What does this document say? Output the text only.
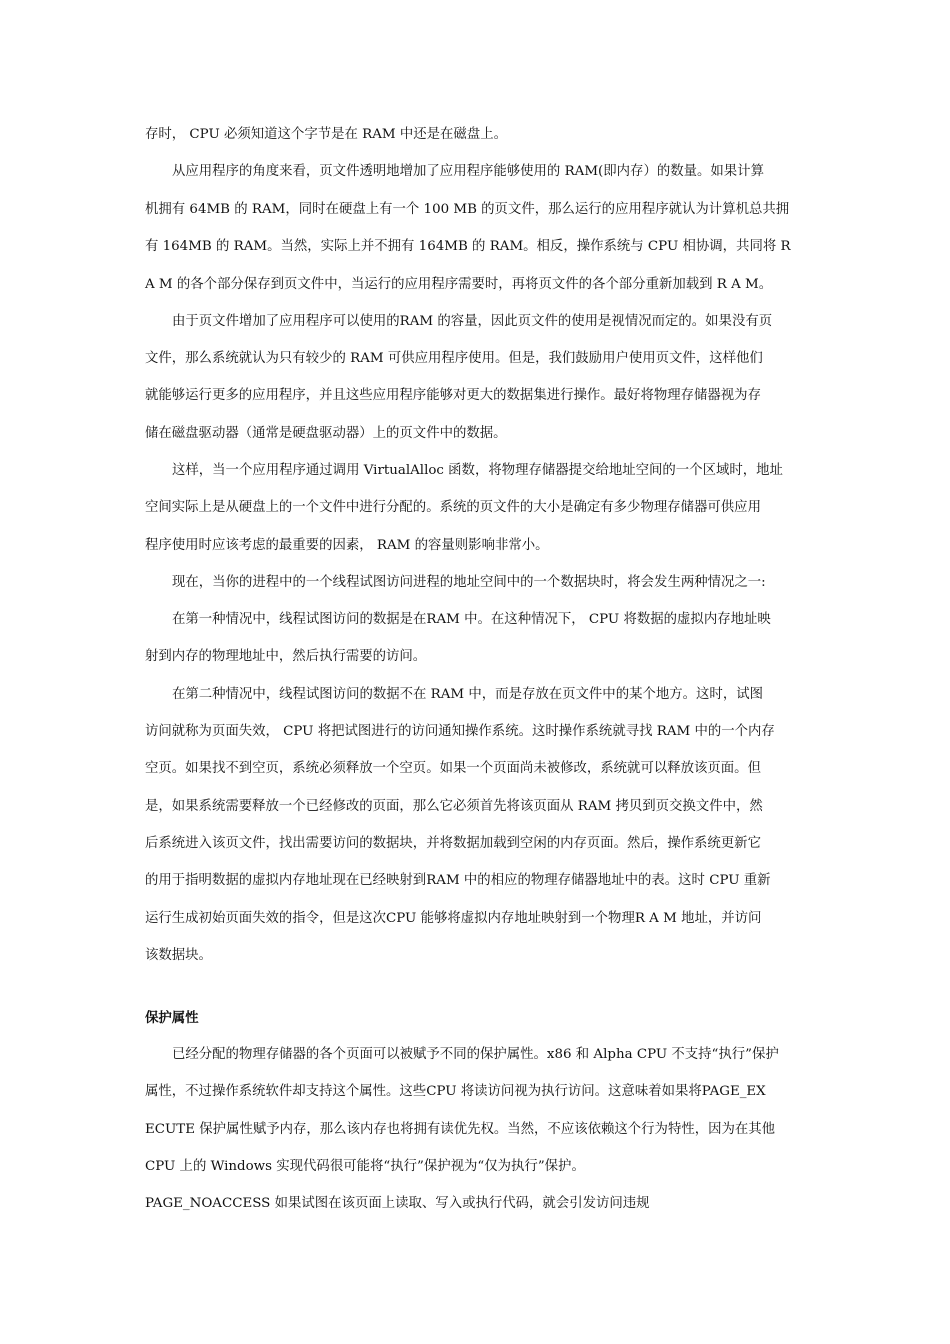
存时， CPU 必须知道这个字节是在 RAM 中还是在磁盘上。

从应用程序的角度来看，页文件透明地增加了应用程序能够使用的 RAM(即内存）的数量。如果计算

机拥有 64MB 的 RAM，同时在硬盘上有一个 100 MB 的页文件，那么运行的应用程序就认为计算机总共拥

有 164MB 的 RAM。当然，实际上并不拥有 164MB 的 RAM。相反，操作系统与 CPU 相协调，共同将 R

A M 的各个部分保存到页文件中，当运行的应用程序需要时，再将页文件的各个部分重新加载到 R A M。

由于页文件增加了应用程序可以使用的RAM 的容量，因此页文件的使用是视情况而定的。如果没有页

文件，那么系统就认为只有较少的 RAM 可供应用程序使用。但是，我们鼓励用户使用页文件，这样他们

就能够运行更多的应用程序，并且这些应用程序能够对更大的数据集进行操作。最好将物理存储器视为存

储在磁盘驱动器（通常是硬盘驱动器）上的页文件中的数据。

这样，当一个应用程序通过调用 VirtualAlloc 函数，将物理存储器提交给地址空间的一个区域时，地址

空间实际上是从硬盘上的一个文件中进行分配的。系统的页文件的大小是确定有多少物理存储器可供应用

程序使用时应该考虑的最重要的因素， RAM 的容量则影响非常小。

现在，当你的进程中的一个线程试图访问进程的地址空间中的一个数据块时，将会发生两种情况之一:

在第一种情况中，线程试图访问的数据是在RAM 中。在这种情况下， CPU 将数据的虚拟内存地址映

射到内存的物理地址中，然后执行需要的访问。

在第二种情况中，线程试图访问的数据不在 RAM 中，而是存放在页文件中的某个地方。这时，试图

访问就称为页面失效， CPU 将把试图进行的访问通知操作系统。这时操作系统就寻找 RAM 中的一个内存

空页。如果找不到空页，系统必须释放一个空页。如果一个页面尚未被修改，系统就可以释放该页面。但

是，如果系统需要释放一个已经修改的页面，那么它必须首先将该页面从 RAM 拷贝到页交换文件中，然

后系统进入该页文件，找出需要访问的数据块，并将数据加载到空闲的内存页面。然后，操作系统更新它

的用于指明数据的虚拟内存地址现在已经映射到RAM 中的相应的物理存储器地址中的表。这时 CPU 重新

运行生成初始页面失效的指令，但是这次CPU 能够将虚拟内存地址映射到一个物理R A M 地址，并访问

该数据块。

保护属性

已经分配的物理存储器的各个页面可以被赋予不同的保护属性。x86 和 Alpha CPU 不支持“执行”保护

属性，不过操作系统软件却支持这个属性。这些CPU 将读访问视为执行访问。这意味着如果将PAGE_EX

ECUTE 保护属性赋予内存，那么该内存也将拥有读优先权。当然，不应该依赖这个行为特性，因为在其他

CPU 上的 Windows 实现代码很可能将“执行”保护视为“仅为执行”保护。

PAGE_NOACCESS 如果试图在该页面上读取、写入或执行代码，就会引发访问违规
